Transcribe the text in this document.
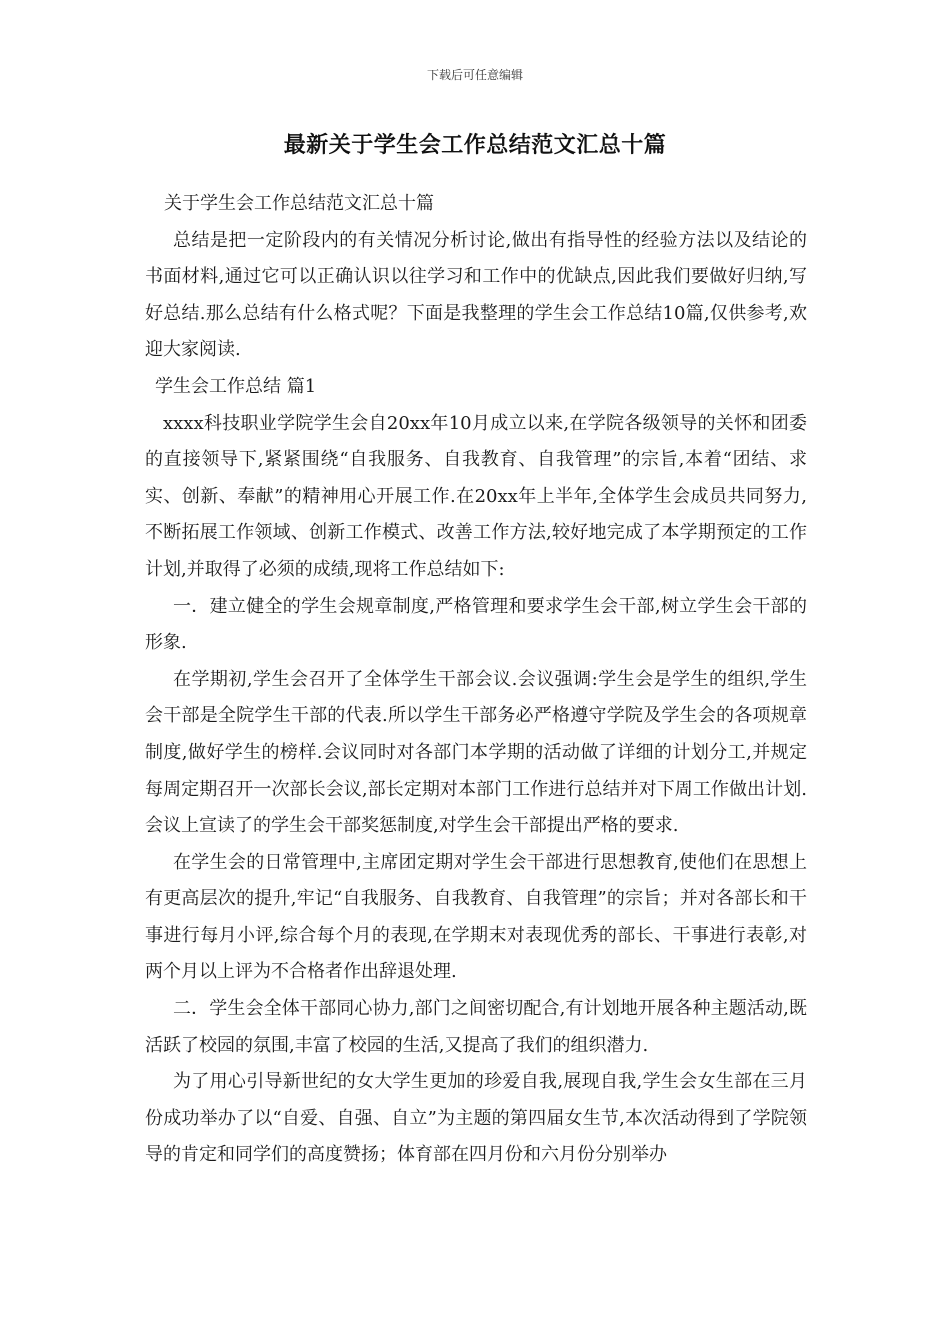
下载后可任意编辑
最新关于学生会工作总结范文汇总十篇

关于学生会工作总结范文汇总十篇

总结是把一定阶段内的有关情况分析讨论,做出有指导性的经验方法以及结论的书面材料,通过它可以正确认识以往学习和工作中的优缺点,因此我们要做好归纳,写好总结.那么总结有什么格式呢？下面是我整理的学生会工作总结10篇,仅供参考,欢迎大家阅读.

学生会工作总结 篇1

xxxx科技职业学院学生会自20xx年10月成立以来,在学院各级领导的关怀和团委的直接领导下,紧紧围绕“自我服务、自我教育、自我管理”的宗旨,本着“团结、求实、创新、奉献”的精神用心开展工作.在20xx年上半年,全体学生会成员共同努力,不断拓展工作领域、创新工作模式、改善工作方法,较好地完成了本学期预定的工作计划,并取得了必须的成绩,现将工作总结如下:

一．建立健全的学生会规章制度,严格管理和要求学生会干部,树立学生会干部的形象.

在学期初,学生会召开了全体学生干部会议.会议强调:学生会是学生的组织,学生会干部是全院学生干部的代表.所以学生干部务必严格遵守学院及学生会的各项规章制度,做好学生的榜样.会议同时对各部门本学期的活动做了详细的计划分工,并规定每周定期召开一次部长会议,部长定期对本部门工作进行总结并对下周工作做出计划.会议上宣读了的学生会干部奖惩制度,对学生会干部提出严格的要求.

在学生会的日常管理中,主席团定期对学生会干部进行思想教育,使他们在思想上有更高层次的提升,牢记“自我服务、自我教育、自我管理”的宗旨；并对各部长和干事进行每月小评,综合每个月的表现,在学期末对表现优秀的部长、干事进行表彰,对两个月以上评为不合格者作出辞退处理.

二．学生会全体干部同心协力,部门之间密切配合,有计划地开展各种主题活动,既活跃了校园的氛围,丰富了校园的生活,又提高了我们的组织潜力.

为了用心引导新世纪的女大学生更加的珍爱自我,展现自我,学生会女生部在三月份成功举办了以“自爱、自强、自立”为主题的第四届女生节,本次活动得到了学院领导的肯定和同学们的高度赞扬；体育部在四月份和六月份分别举办
